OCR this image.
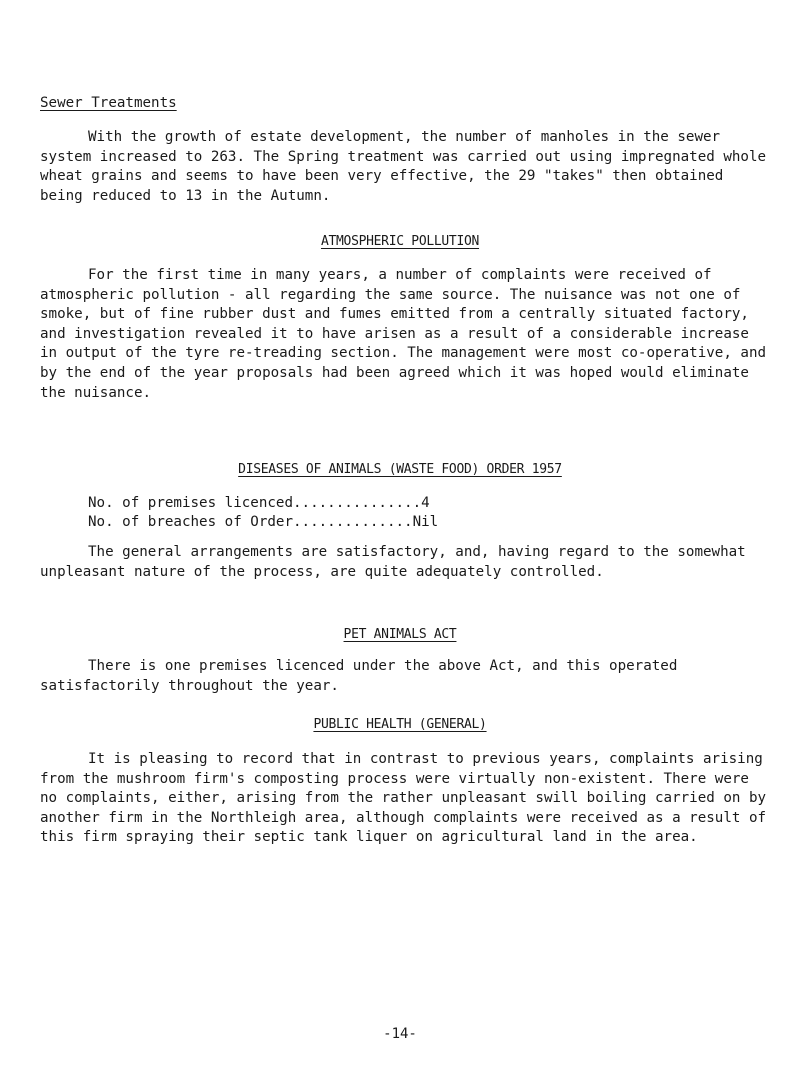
Sewer Treatments

With the growth of estate development, the number of manholes in the sewer system increased to 263. The Spring treatment was carried out using impregnated whole wheat grains and seems to have been very effective, the 29 "takes" then obtained being reduced to 13 in the Autumn.

ATMOSPHERIC POLLUTION

For the first time in many years, a number of complaints were received of atmospheric pollution - all regarding the same source. The nuisance was not one of smoke, but of fine rubber dust and fumes emitted from a centrally situated factory, and investigation revealed it to have arisen as a result of a considerable increase in output of the tyre re-treading section. The management were most co-operative, and by the end of the year proposals had been agreed which it was hoped would eliminate the nuisance.

DISEASES OF ANIMALS (WASTE FOOD) ORDER 1957

No. of premises licenced...............4

No. of breaches of Order..............Nil

The general arrangements are satisfactory, and, having regard to the somewhat unpleasant nature of the process, are quite adequately controlled.

PET ANIMALS ACT

There is one premises licenced under the above Act, and this operated satisfactorily throughout the year.

PUBLIC HEALTH (GENERAL)

It is pleasing to record that in contrast to previous years, complaints arising from the mushroom firm's composting process were virtually non-existent. There were no complaints, either, arising from the rather unpleasant swill boiling carried on by another firm in the Northleigh area, although complaints were received as a result of this firm spraying their septic tank liquer on agricultural land in the area.

-14-
